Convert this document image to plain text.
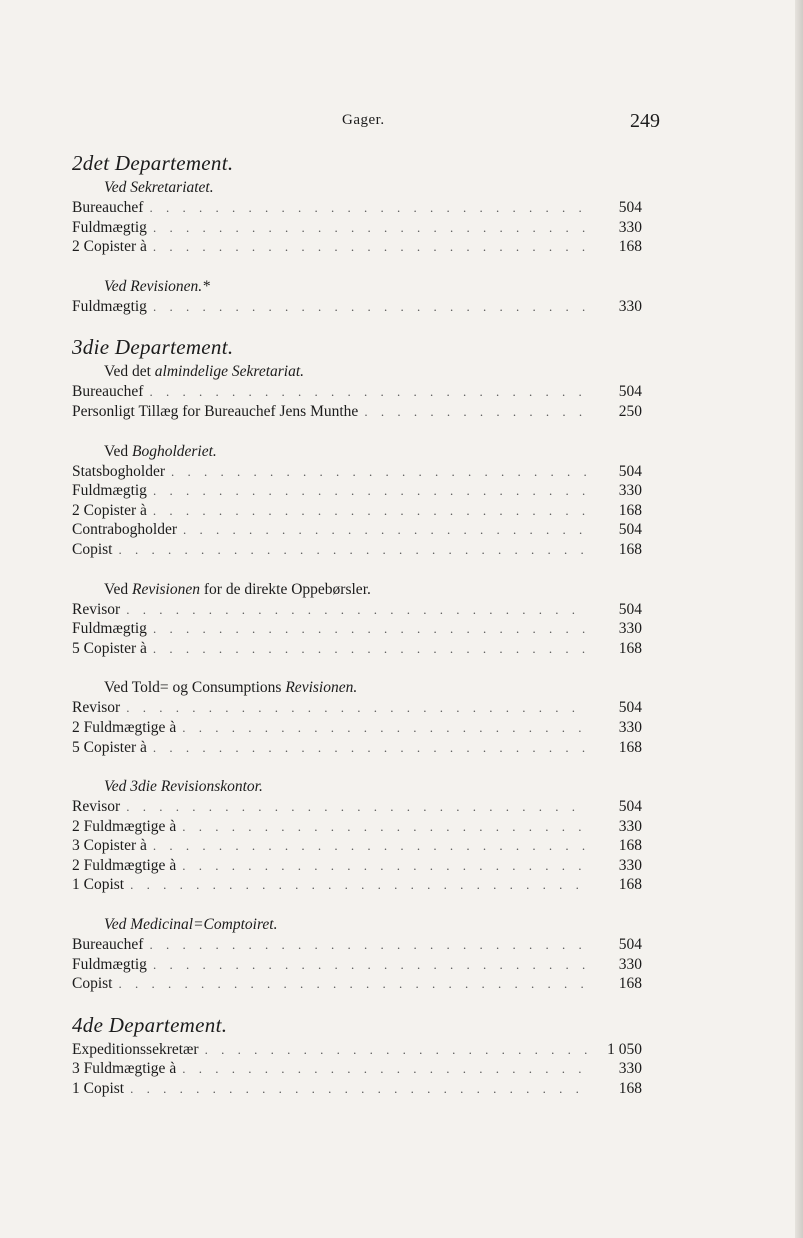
Gager.	249
2det Departement.
Ved Sekretariatet.
Bureauchef . . .	504
Fuldmægtig . . .	330
2 Copister à . . .	168
Ved Revisionen.*
Fuldmægtig . . .	330
3die Departement.
Ved det almindelige Sekretariat.
Bureauchef . . .	504
Personligt Tillæg for Bureauchef Jens Munthe . . .	250
Ved Bogholderiet.
Statsbogholder . . .	504
Fuldmægtig . . .	330
2 Copister à . . .	168
Contrabogholder . . .	504
Copist . . .	168
Ved Revisionen for de direkte Oppebørsler.
Revisor . . .	504
Fuldmægtig . . .	330
5 Copister à . . .	168
Ved Told= og Consumptions Revisionen.
Revisor . . .	504
2 Fuldmægtige à . . .	330
5 Copister à . . .	168
Ved 3die Revisionskontor.
Revisor . . .	504
2 Fuldmægtige à . . .	330
3 Copister à . . .	168
2 Fuldmægtige à . . .	330
1 Copist . . .	168
Ved Medicinal=Comptoiret.
Bureauchef . . .	504
Fuldmægtig . . .	330
Copist . . .	168
4de Departement.
Expeditionssekretær . . .	1 050
3 Fuldmægtige à . . .	330
1 Copist . . .	168
